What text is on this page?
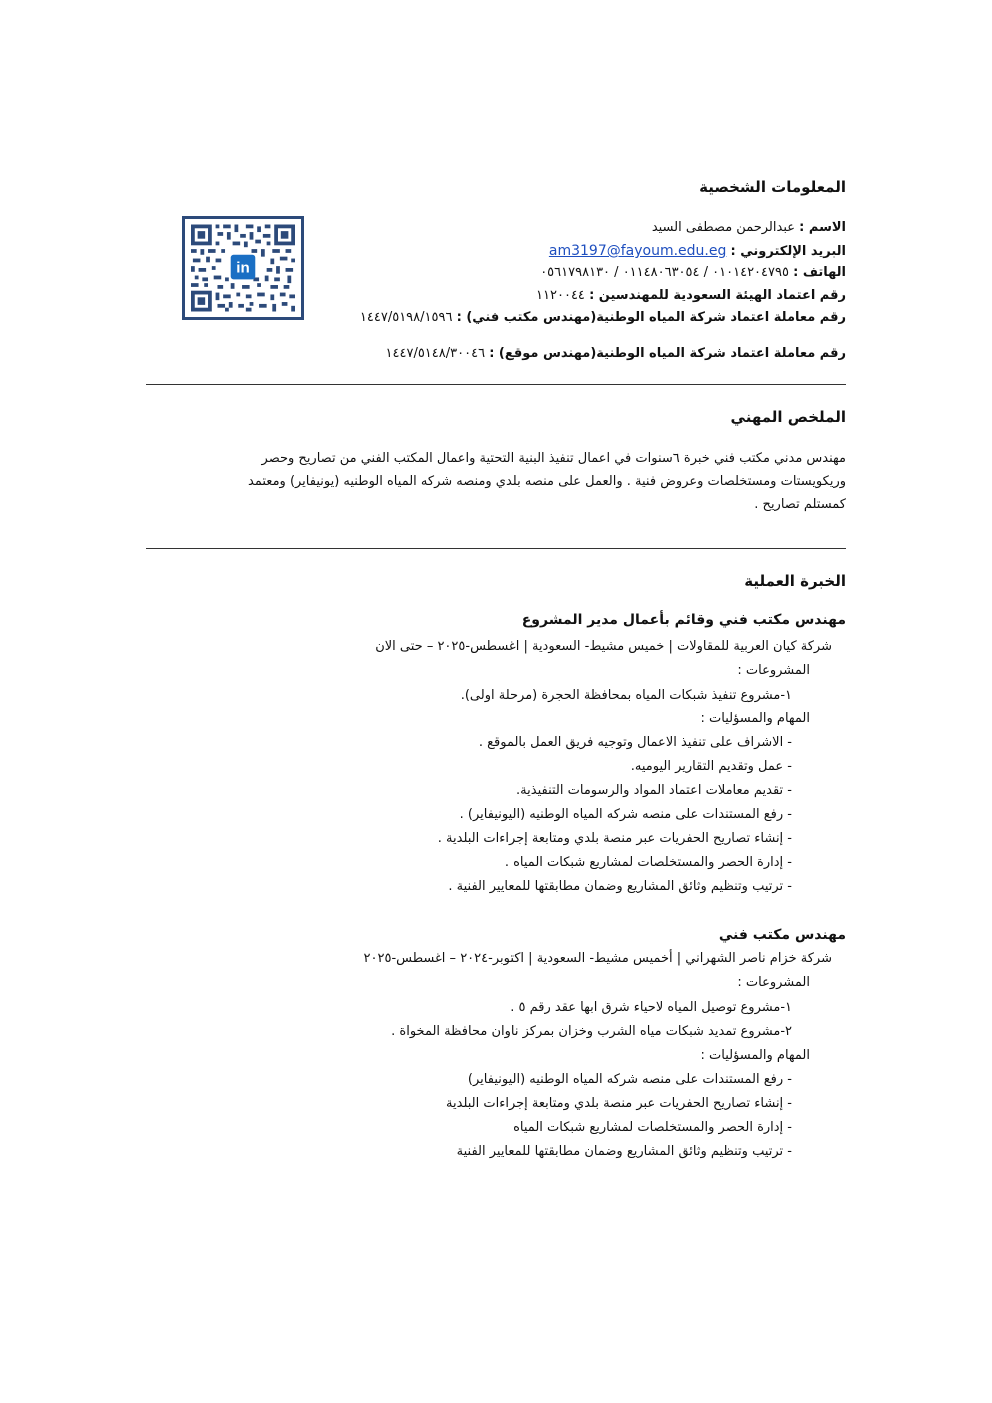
المعلومات الشخصية
الاسم : عبدالرحمن مصطفى السيد
البريد الإلكتروني : am3197@fayoum.edu.eg
الهاتف : ٠١٠١٤٢٠٤٧٩٥ / ٠١١٤٨٠٦٣٠٥٤ / ٠٥٦١٧٩٨١٣٠
رقم اعتماد الهيئة السعودية للمهندسين : ١١٢٠٠٤٤
رقم معاملة اعتماد شركة المياه الوطنية(مهندس مكتب فني) : ١٤٤٧/٥١٩٨/١٥٩٦
رقم معاملة اعتماد شركة المياه الوطنية(مهندس موقع) : ١٤٤٧/٥١٤٨/٣٠٠٤٦
in
الملخص المهني
مهندس مدني مكتب فني خبرة ٦سنوات في اعمال تنفيذ البنية التحتية واعمال المكتب الفني من تصاريح وحصر وريكويستات ومستخلصات وعروض فنية . والعمل على منصه بلدي ومنصه شركه المياه الوطنيه (يونيفاير) ومعتمد كمستلم تصاريح .
الخبرة العملية
مهندس مكتب فني وقائم بأعمال مدير المشروع
شركة كيان العربية للمقاولات | خميس مشيط- السعودية | اغسطس-٢٠٢٥ – حتى الان
المشروعات :
١-مشروع تنفيذ شبكات المياه بمحافظة الحجرة (مرحلة اولى).
المهام والمسؤليات :
- الاشراف على تنفيذ الاعمال وتوجيه فريق العمل بالموقع .
- عمل وتقديم التقارير اليوميه.
- تقديم معاملات اعتماد المواد والرسومات التنفيذية.
- رفع المستندات على منصه شركه المياه الوطنيه (اليونيفاير) .
- إنشاء تصاريح الحفريات عبر منصة بلدي ومتابعة إجراءات البلدية .
- إدارة الحصر والمستخلصات لمشاريع شبكات المياه .
- ترتيب وتنظيم وثائق المشاريع وضمان مطابقتها للمعايير الفنية .
مهندس مكتب فني
شركة خزام ناصر الشهراني | أخميس مشيط- السعودية | اكتوبر-٢٠٢٤ – اغسطس-٢٠٢٥
المشروعات :
١-مشروع توصيل المياه لاحياء شرق ابها عقد رقم ٥ .
٢-مشروع تمديد شبكات مياه الشرب وخزان بمركز ناوان محافظة المخواة .
المهام والمسؤليات :
- رفع المستندات على منصه شركه المياه الوطنيه (اليونيفاير)
- إنشاء تصاريح الحفريات عبر منصة بلدي ومتابعة إجراءات البلدية
- إدارة الحصر والمستخلصات لمشاريع شبكات المياه
- ترتيب وتنظيم وثائق المشاريع وضمان مطابقتها للمعايير الفنية
